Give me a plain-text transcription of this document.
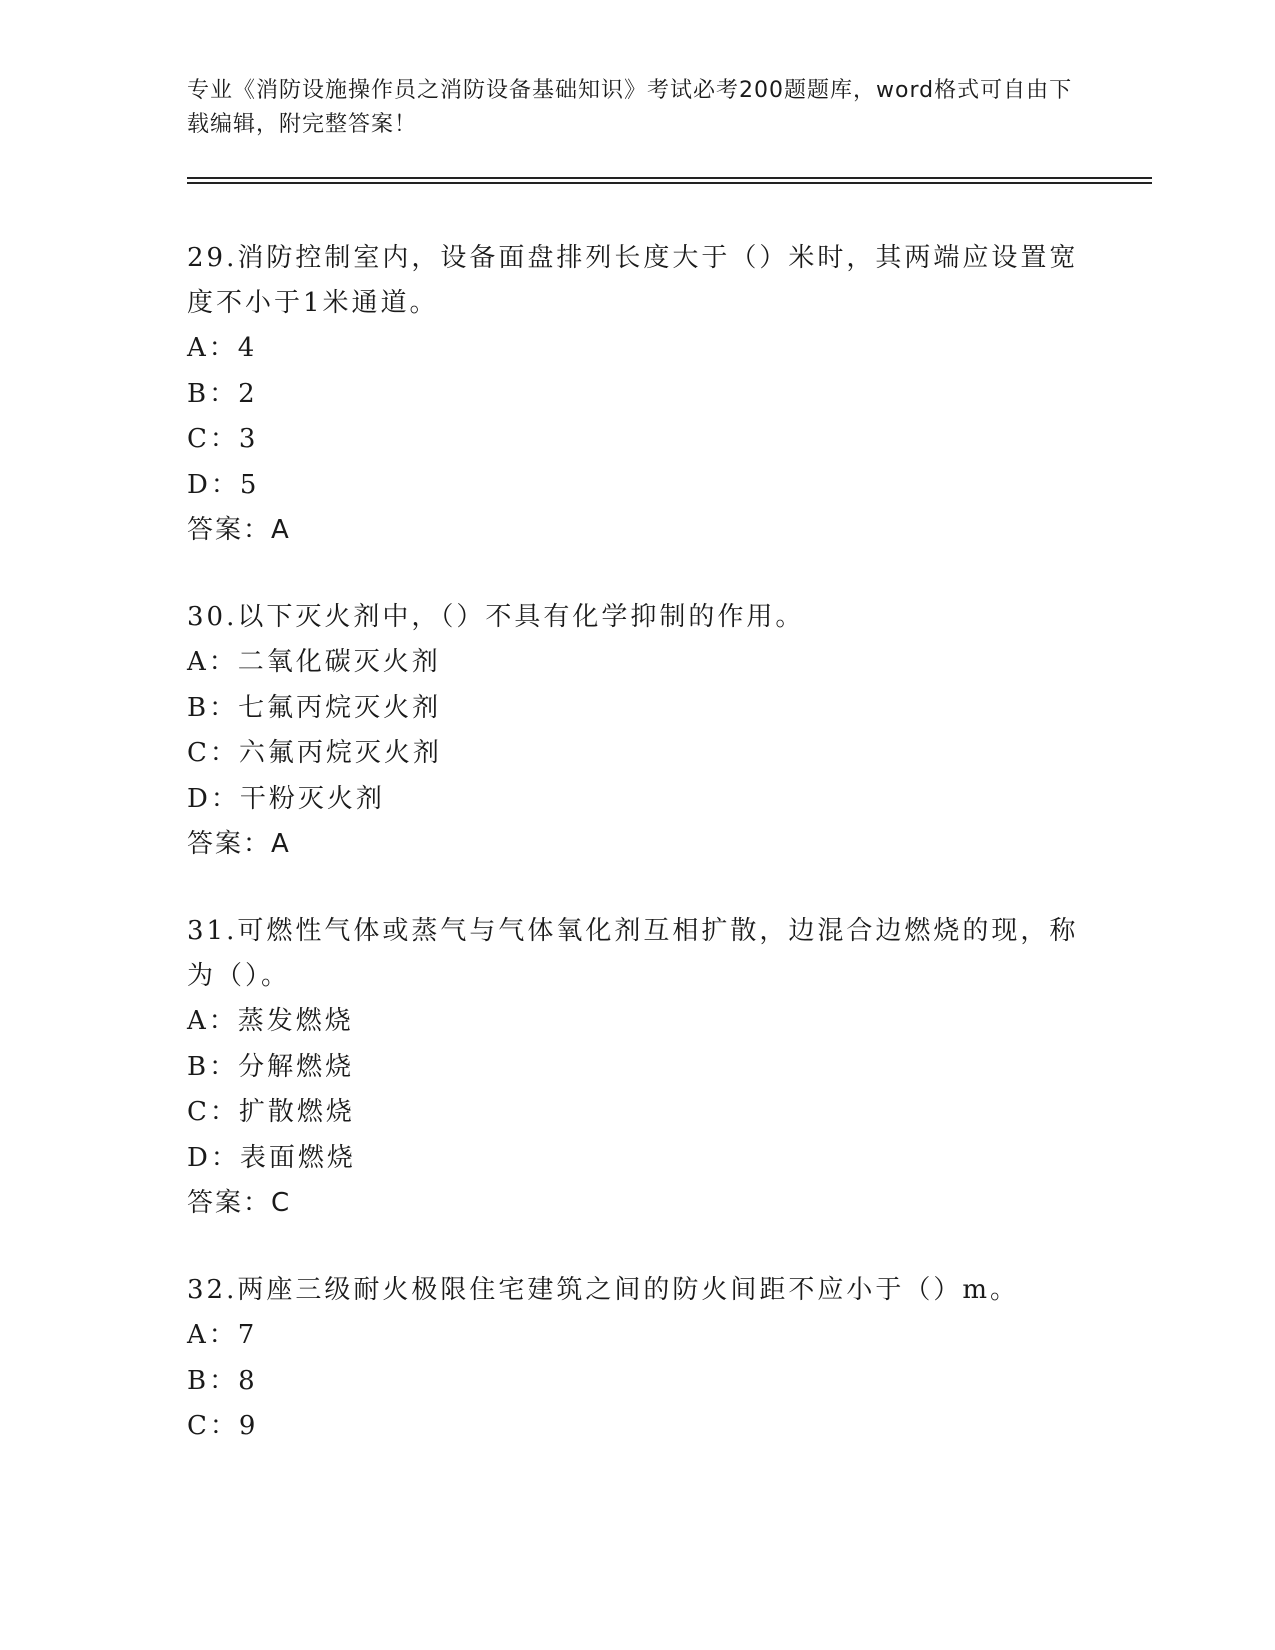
专业《消防设施操作员之消防设备基础知识》考试必考200题题库，word格式可自由下载编辑，附完整答案！

29.消防控制室内，设备面盘排列长度大于（）米时，其两端应设置宽度不小于1米通道。

A：4
B：2
C：3
D：5
答案：A

30.以下灭火剂中，（）不具有化学抑制的作用。

A：二氧化碳灭火剂
B：七氟丙烷灭火剂
C：六氟丙烷灭火剂
D：干粉灭火剂
答案：A

31.可燃性气体或蒸气与气体氧化剂互相扩散，边混合边燃烧的现，称为（）。

A：蒸发燃烧
B：分解燃烧
C：扩散燃烧
D：表面燃烧
答案：C

32.两座三级耐火极限住宅建筑之间的防火间距不应小于（）m。

A：7
B：8
C：9
